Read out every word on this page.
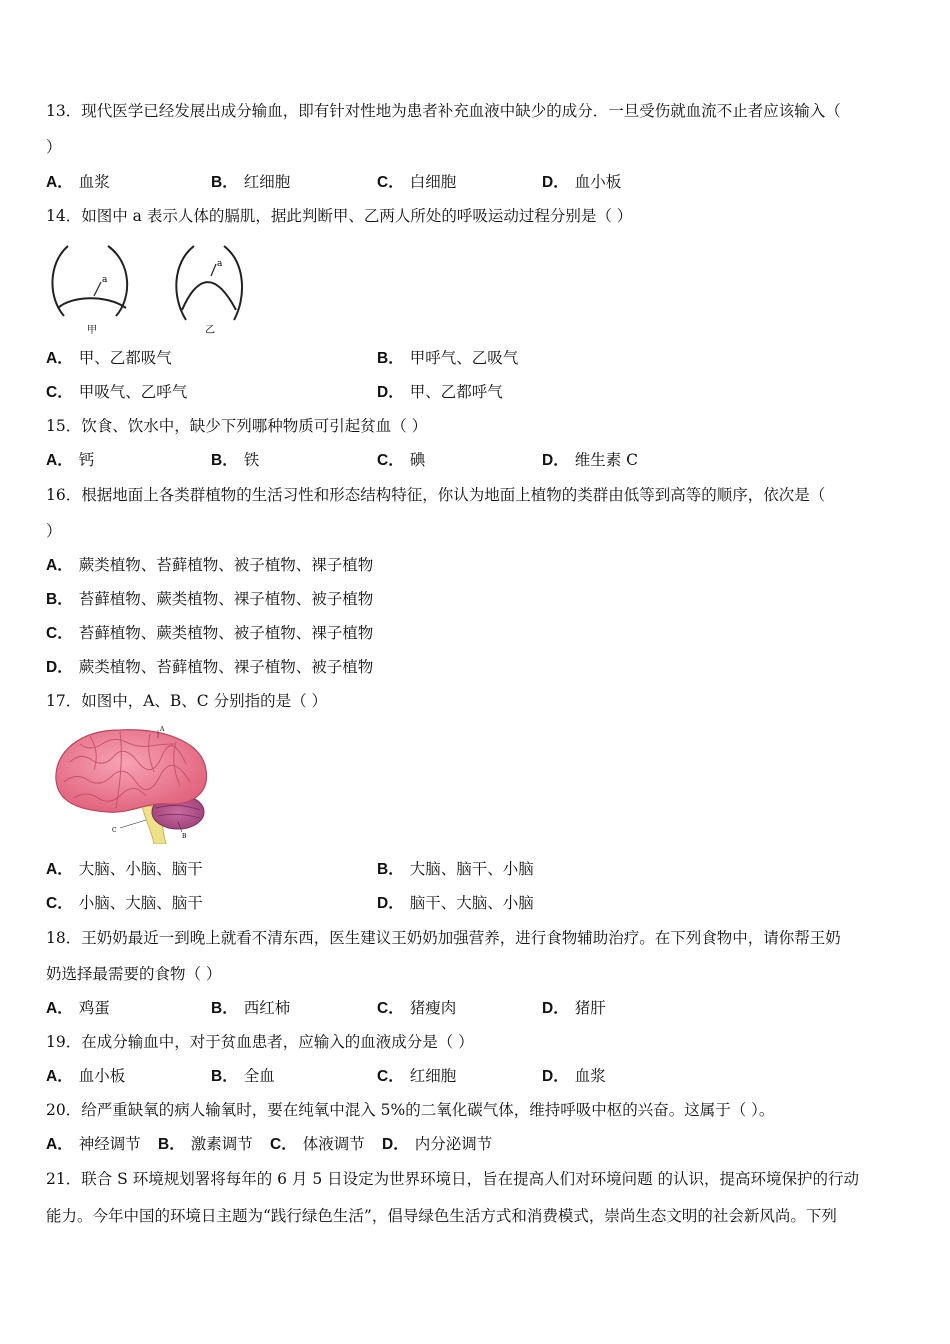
13．现代医学已经发展出成分输血，即有针对性地为患者补充血液中缺少的成分．一旦受伤就血流不止者应该输入（
）
A． 血浆	B． 红细胞	C． 白细胞	D． 血小板
14．如图中 a 表示人体的膈肌，据此判断甲、乙两人所处的呼吸运动过程分别是（ ）
a
甲
a
乙
A． 甲、乙都吸气	B． 甲呼气、乙吸气
C． 甲吸气、乙呼气	D． 甲、乙都呼气
15．饮食、饮水中，缺少下列哪种物质可引起贫血（ ）
A． 钙	B． 铁	C． 碘	D． 维生素 C
16．根据地面上各类群植物的生活习性和形态结构特征，你认为地面上植物的类群由低等到高等的顺序，依次是（
）
A． 蕨类植物、苔藓植物、被子植物、裸子植物
B． 苔藓植物、蕨类植物、裸子植物、被子植物
C． 苔藓植物、蕨类植物、被子植物、裸子植物
D． 蕨类植物、苔藓植物、裸子植物、被子植物
17．如图中，A、B、C 分别指的是（ ）
A
B
C
A． 大脑、小脑、脑干	B． 大脑、脑干、小脑
C． 小脑、大脑、脑干	D． 脑干、大脑、小脑
18．王奶奶最近一到晚上就看不清东西，医生建议王奶奶加强营养，进行食物辅助治疗。在下列食物中，请你帮王奶
奶选择最需要的食物（ ）
A． 鸡蛋	B． 西红柿	C． 猪瘦肉	D． 猪肝
19．在成分输血中，对于贫血患者，应输入的血液成分是（ ）
A． 血小板	B． 全血	C． 红细胞	D． 血浆
20．给严重缺氧的病人输氧时，要在纯氧中混入 5%的二氧化碳气体，维持呼吸中枢的兴奋。这属于（ ）。
A． 神经调节 B． 激素调节 C． 体液调节 D． 内分泌调节
21．联合 S 环境规划署将每年的 6 月 5 日设定为世界环境日，旨在提高人们对环境问题 的认识，提高环境保护的行动
能力。今年中国的环境日主题为“践行绿色生活”，倡导绿色生活方式和消费模式，崇尚生态文明的社会新风尚。下列
